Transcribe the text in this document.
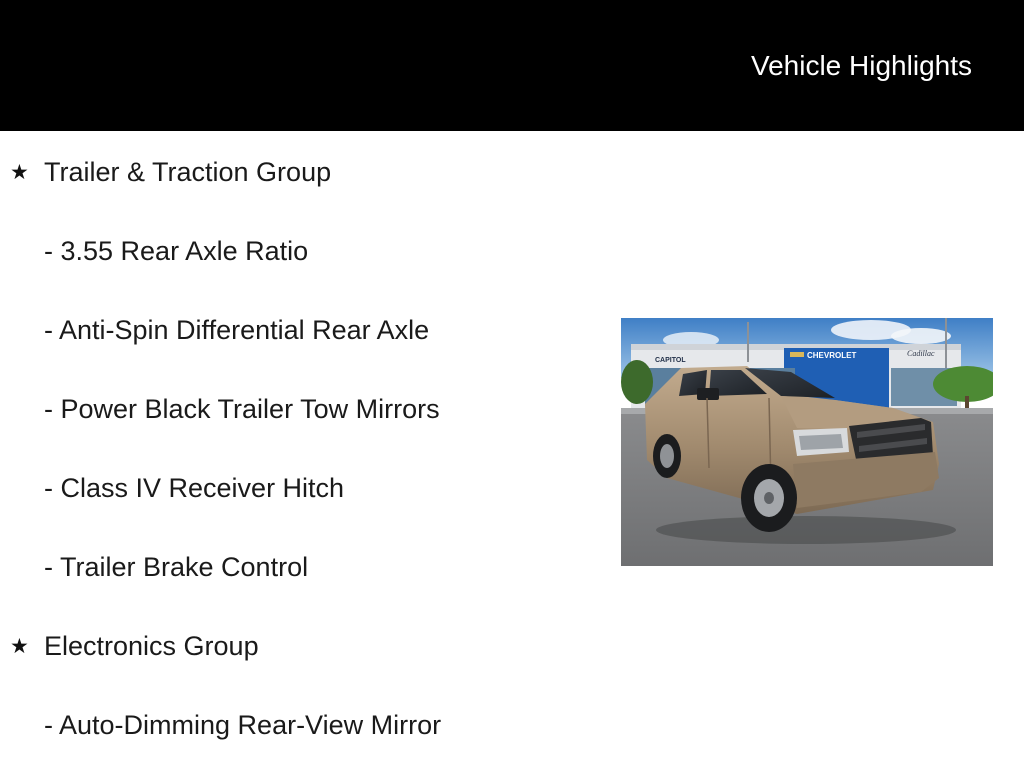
Vehicle Highlights
★ Trailer & Traction Group
- 3.55 Rear Axle Ratio
- Anti-Spin Differential Rear Axle
- Power Black Trailer Tow Mirrors
- Class IV Receiver Hitch
- Trailer Brake Control
★ Electronics Group
- Auto-Dimming Rear-View Mirror
CAPITOL
CHEVROLET	Cadillac
